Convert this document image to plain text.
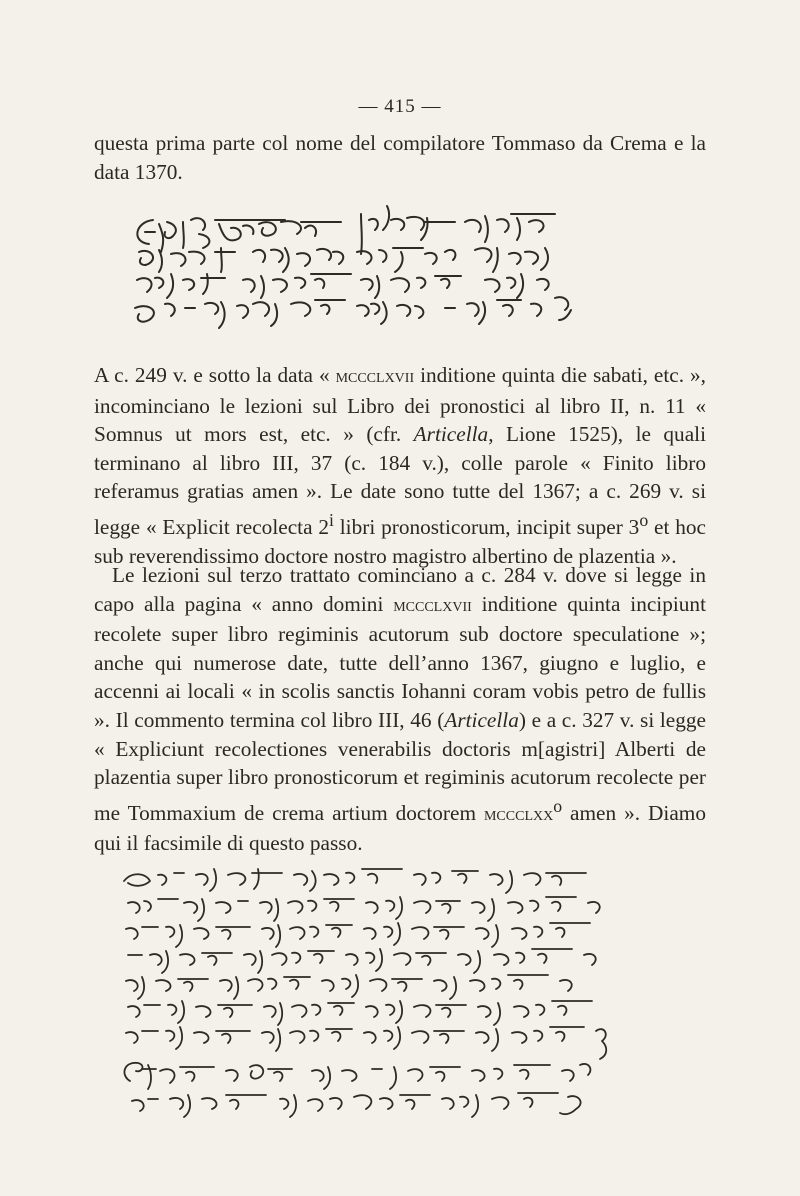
— 415 —

questa prima parte col nome del compilatore Tommaso da Crema e la data 1370.

A c. 249 v. e sotto la data « mccclxvii inditione quinta die sabati, etc. », incominciano le lezioni sul Libro dei pronostici al libro II, n. 11 « Somnus ut mors est, etc. » (cfr. Articella, Lione 1525), le quali terminano al libro III, 37 (c. 184 v.), colle parole « Finito libro referamus gratias amen ». Le date sono tutte del 1367; a c. 269 v. si legge « Explicit recolecta 2$^i$ libri pronosticorum, incipit super 3$^o$ et hoc sub reverendissimo doctore nostro magistro albertino de plazentia ».

Le lezioni sul terzo trattato cominciano a c. 284 v. dove si legge in capo alla pagina « anno domini mccclxvii inditione quinta incipiunt recolete super libro regiminis acutorum sub doctore speculatione »; anche qui numerose date, tutte dell’anno 1367, giugno e luglio, e accenni ai locali « in scolis sanctis Iohanni coram vobis petro de fullis ». Il commento termina col libro III, 46 (Articella) e a c. 327 v. si legge « Expliciunt recolectiones venerabilis doctoris m[agistri] Alberti de plazentia super libro pronosticorum et regiminis acutorum recolecte per me Tommaxium de crema artium doctorem mccclxx$^o$ amen ». Diamo qui il facsimile di questo passo.
